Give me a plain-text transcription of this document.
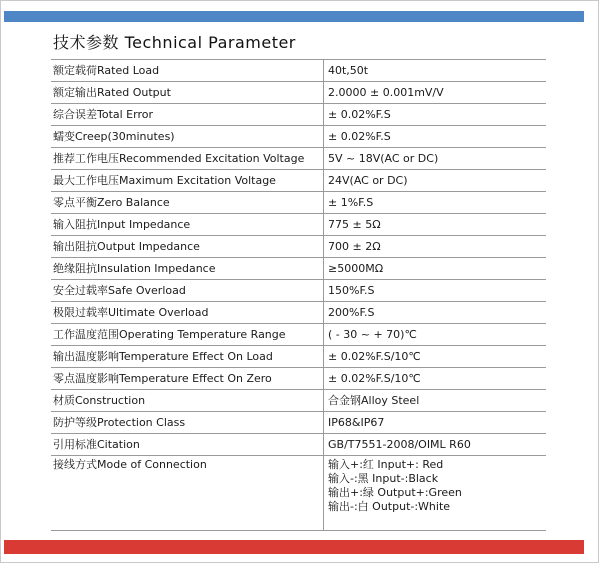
技术参数 Technical Parameter
额定载荷Rated Load	40t,50t
额定输出Rated Output	2.0000 ± 0.001mV/V
综合误差Total Error	± 0.02%F.S
蠕变Creep(30minutes)	± 0.02%F.S
推荐工作电压Recommended Excitation Voltage	5V ~ 18V(AC or DC)
最大工作电压Maximum Excitation Voltage	24V(AC or DC)
零点平衡Zero Balance	± 1%F.S
输入阻抗Input Impedance	775 ± 5Ω
输出阻抗Output Impedance	700 ± 2Ω
绝缘阻抗Insulation Impedance	≥5000MΩ
安全过载率Safe Overload	150%F.S
极限过载率Ultimate Overload	200%F.S
工作温度范围Operating Temperature Range	( - 30 ~ + 70)℃
输出温度影响Temperature Effect On Load	± 0.02%F.S/10℃
零点温度影响Temperature Effect On Zero	± 0.02%F.S/10℃
材质Construction	合金钢Alloy Steel
防护等级Protection Class	IP68&IP67
引用标准Citation	GB/T7551-2008/OIML R60
接线方式Mode of Connection	输入+:红 Input+: Red
输入-:黑 Input-:Black
输出+:绿 Output+:Green
输出-:白 Output-:White
